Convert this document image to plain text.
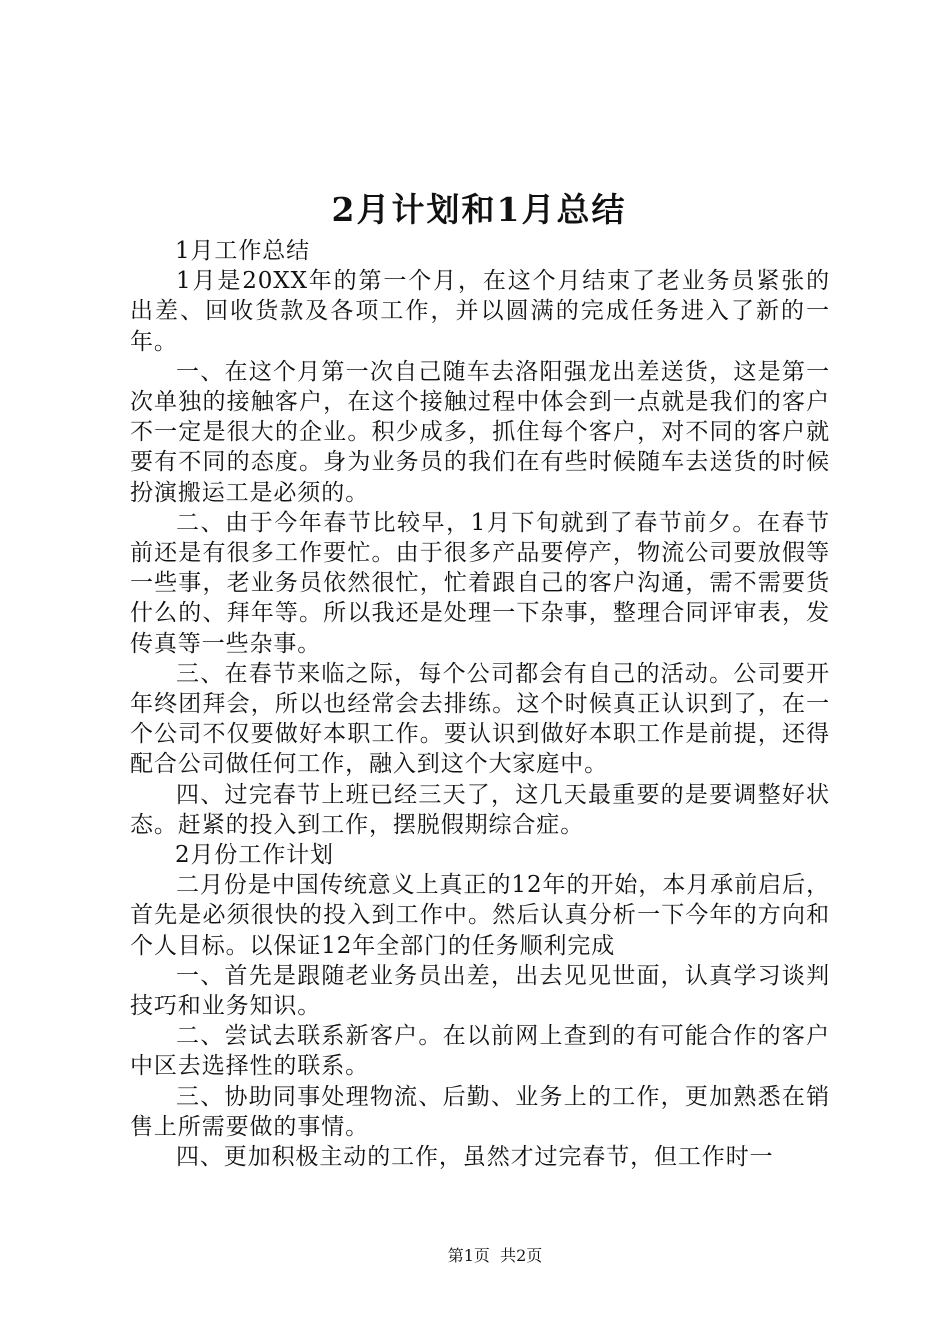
2月计划和1月总结
1月工作总结

1月是20XX年的第一个月，在这个月结束了老业务员紧张的出差、回收货款及各项工作，并以圆满的完成任务进入了新的一年。

一、在这个月第一次自己随车去洛阳强龙出差送货，这是第一次单独的接触客户，在这个接触过程中体会到一点就是我们的客户不一定是很大的企业。积少成多，抓住每个客户，对不同的客户就要有不同的态度。身为业务员的我们在有些时候随车去送货的时候扮演搬运工是必须的。

二、由于今年春节比较早，1月下旬就到了春节前夕。在春节前还是有很多工作要忙。由于很多产品要停产，物流公司要放假等一些事，老业务员依然很忙，忙着跟自己的客户沟通，需不需要货什么的、拜年等。所以我还是处理一下杂事，整理合同评审表，发传真等一些杂事。

三、在春节来临之际，每个公司都会有自己的活动。公司要开年终团拜会，所以也经常会去排练。这个时候真正认识到了，在一个公司不仅要做好本职工作。要认识到做好本职工作是前提，还得配合公司做任何工作，融入到这个大家庭中。

四、过完春节上班已经三天了，这几天最重要的是要调整好状态。赶紧的投入到工作，摆脱假期综合症。

2月份工作计划

二月份是中国传统意义上真正的12年的开始，本月承前启后，首先是必须很快的投入到工作中。然后认真分析一下今年的方向和个人目标。以保证12年全部门的任务顺利完成

一、首先是跟随老业务员出差，出去见见世面，认真学习谈判技巧和业务知识。

二、尝试去联系新客户。在以前网上查到的有可能合作的客户中区去选择性的联系。

三、协助同事处理物流、后勤、业务上的工作，更加熟悉在销售上所需要做的事情。

四、更加积极主动的工作，虽然才过完春节，但工作时一

第1页 共2页
